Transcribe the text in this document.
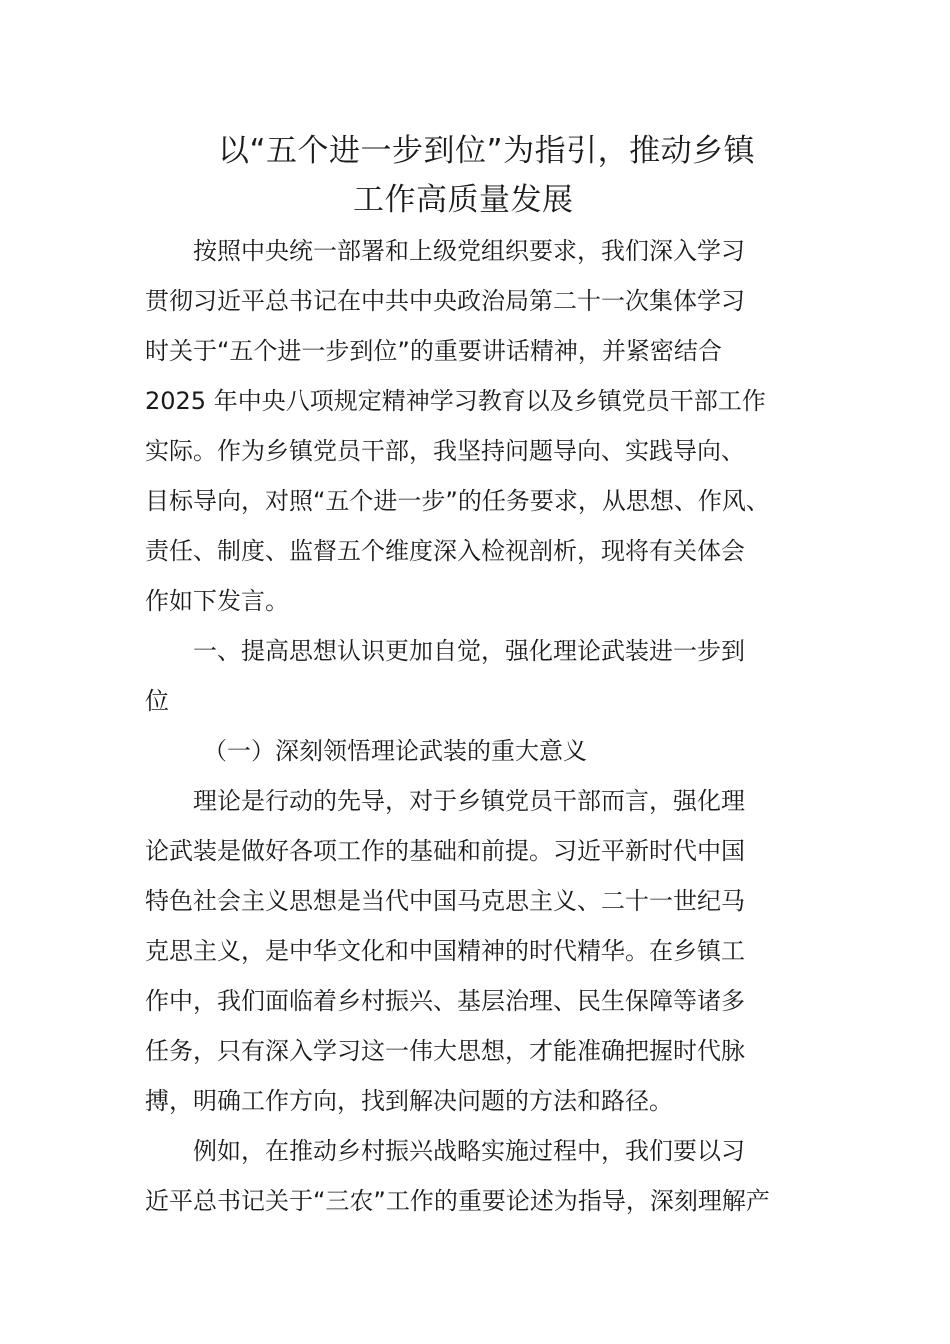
以“五个进一步到位”为指引，推动乡镇
工作高质量发展
按照中央统一部署和上级党组织要求，我们深入学习
贯彻习近平总书记在中共中央政治局第二十一次集体学习
时关于“五个进一步到位”的重要讲话精神，并紧密结合
2025 年中央八项规定精神学习教育以及乡镇党员干部工作
实际。作为乡镇党员干部，我坚持问题导向、实践导向、
目标导向，对照“五个进一步”的任务要求，从思想、作风、
责任、制度、监督五个维度深入检视剖析，现将有关体会
作如下发言。
一、提高思想认识更加自觉，强化理论武装进一步到
位
（一）深刻领悟理论武装的重大意义
理论是行动的先导，对于乡镇党员干部而言，强化理
论武装是做好各项工作的基础和前提。习近平新时代中国
特色社会主义思想是当代中国马克思主义、二十一世纪马
克思主义，是中华文化和中国精神的时代精华。在乡镇工
作中，我们面临着乡村振兴、基层治理、民生保障等诸多
任务，只有深入学习这一伟大思想，才能准确把握时代脉
搏，明确工作方向，找到解决问题的方法和路径。
例如，在推动乡村振兴战略实施过程中，我们要以习
近平总书记关于“三农”工作的重要论述为指导，深刻理解产
